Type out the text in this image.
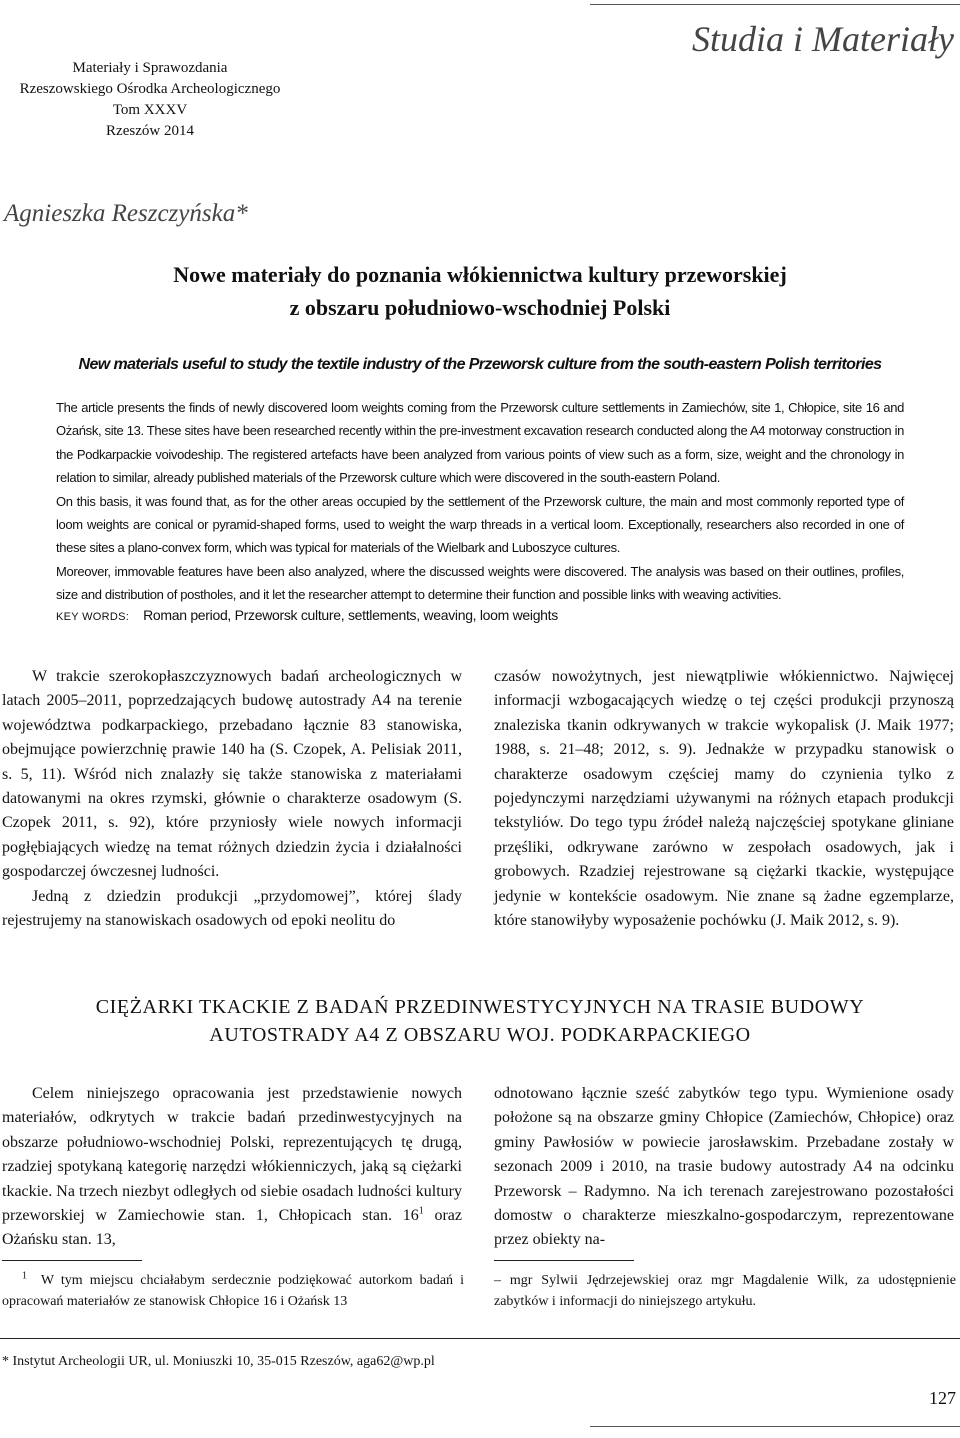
Materiały i Sprawozdania
Rzeszowskiego Ośrodka Archeologicznego
Tom XXXV
Rzeszów 2014
Studia i Materiały
Agnieszka Reszczyńska*
Nowe materiały do poznania włókiennictwa kultury przeworskiej
z obszaru południowo-wschodniej Polski
New materials useful to study the textile industry of the Przeworsk culture from the south-eastern Polish territories

The article presents the finds of newly discovered loom weights coming from the Przeworsk culture settlements in Zamiechów, site 1, Chłopice, site 16 and Ożańsk, site 13. These sites have been researched recently within the pre-investment excavation research conducted along the A4 motorway construction in the Podkarpackie voivodeship. The registered artefacts have been analyzed from various points of view such as a form, size, weight and the chronology in relation to similar, already published materials of the Przeworsk culture which were discovered in the south-eastern Poland.

On this basis, it was found that, as for the other areas occupied by the settlement of the Przeworsk culture, the main and most commonly reported type of loom weights are conical or pyramid-shaped forms, used to weight the warp threads in a vertical loom. Exceptionally, researchers also recorded in one of these sites a plano-convex form, which was typical for materials of the Wielbark and Luboszyce cultures.

Moreover, immovable features have been also analyzed, where the discussed weights were discovered. The analysis was based on their outlines, profiles, size and distribution of postholes, and it let the researcher attempt to determine their function and possible links with weaving activities.

KEY WORDS: Roman period, Przeworsk culture, settlements, weaving, loom weights

W trakcie szerokopłaszczyznowych badań archeologicznych w latach 2005–2011, poprzedzających budowę autostrady A4 na terenie województwa podkarpackiego, przebadano łącznie 83 stanowiska, obejmujące powierzchnię prawie 140 ha (S. Czopek, A. Pelisiak 2011, s. 5, 11). Wśród nich znalazły się także stanowiska z materiałami datowanymi na okres rzymski, głównie o charakterze osadowym (S. Czopek 2011, s. 92), które przyniosły wiele nowych informacji pogłębiających wiedzę na temat różnych dziedzin życia i działalności gospodarczej ówczesnej ludności.

Jedną z dziedzin produkcji „przydomowej”, której ślady rejestrujemy na stanowiskach osadowych od epoki neolitu do

czasów nowożytnych, jest niewątpliwie włókiennictwo. Najwięcej informacji wzbogacających wiedzę o tej części produkcji przynoszą znaleziska tkanin odkrywanych w trakcie wykopalisk (J. Maik 1977; 1988, s. 21–48; 2012, s. 9). Jednakże w przypadku stanowisk o charakterze osadowym częściej mamy do czynienia tylko z pojedynczymi narzędziami używanymi na różnych etapach produkcji tekstyliów. Do tego typu źródeł należą najczęściej spotykane gliniane przęśliki, odkrywane zarówno w zespołach osadowych, jak i grobowych. Rzadziej rejestrowane są ciężarki tkackie, występujące jedynie w kontekście osadowym. Nie znane są żadne egzemplarze, które stanowiłyby wyposażenie pochówku (J. Maik 2012, s. 9).

CIĘŻARKI TKACKIE Z BADAŃ PRZEDINWESTYCYJNYCH NA TRASIE BUDOWY
AUTOSTRADY A4 Z OBSZARU WOJ. PODKARPACKIEGO

Celem niniejszego opracowania jest przedstawienie nowych materiałów, odkrytych w trakcie badań przedinwestycyjnych na obszarze południowo-wschodniej Polski, reprezentujących tę drugą, rzadziej spotykaną kategorię narzędzi włókienniczych, jaką są ciężarki tkackie. Na trzech niezbyt odległych od siebie osadach ludności kultury przeworskiej w Zamiechowie stan. 1, Chłopicach stan. $16^1$ oraz Ożańsku stan. 13,

odnotowano łącznie sześć zabytków tego typu. Wymienione osady położone są na obszarze gminy Chłopice (Zamiechów, Chłopice) oraz gminy Pawłosiów w powiecie jarosławskim. Przebadane zostały w sezonach 2009 i 2010, na trasie budowy autostrady A4 na odcinku Przeworsk – Radymno. Na ich terenach zarejestrowano pozostałości domostw o charakterze mieszkalno-gospodarczym, reprezentowane przez obiekty na-

$^1$ W tym miejscu chciałabym serdecznie podziękować autorkom badań i opracowań materiałów ze stanowisk Chłopice 16 i Ożańsk 13

– mgr Sylwii Jędrzejewskiej oraz mgr Magdalenie Wilk, za udostępnienie zabytków i informacji do niniejszego artykułu.

* Instytut Archeologii UR, ul. Moniuszki 10, 35-015 Rzeszów, aga62@wp.pl
127
